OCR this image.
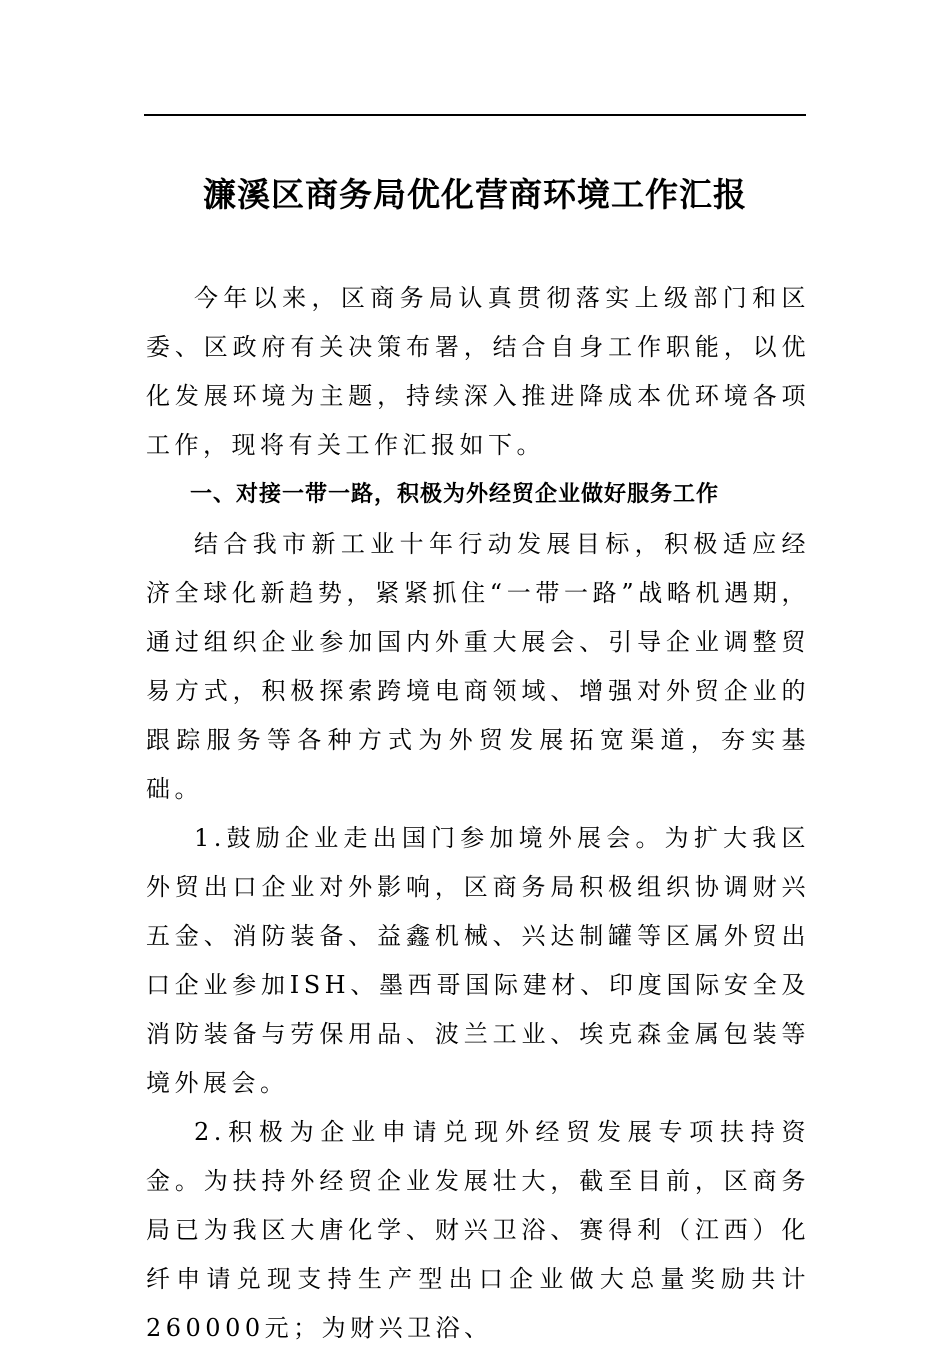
濂溪区商务局优化营商环境工作汇报

今年以来，区商务局认真贯彻落实上级部门和区委、区政府有关决策布署，结合自身工作职能，以优化发展环境为主题，持续深入推进降成本优环境各项工作，现将有关工作汇报如下。

一、对接一带一路，积极为外经贸企业做好服务工作

结合我市新工业十年行动发展目标，积极适应经济全球化新趋势，紧紧抓住“一带一路”战略机遇期，通过组织企业参加国内外重大展会、引导企业调整贸易方式，积极探索跨境电商领域、增强对外贸企业的跟踪服务等各种方式为外贸发展拓宽渠道，夯实基础。

1.鼓励企业走出国门参加境外展会。为扩大我区外贸出口企业对外影响，区商务局积极组织协调财兴五金、消防装备、益鑫机械、兴达制罐等区属外贸出口企业参加ISH、墨西哥国际建材、印度国际安全及消防装备与劳保用品、波兰工业、埃克森金属包装等境外展会。

2.积极为企业申请兑现外经贸发展专项扶持资金。为扶持外经贸企业发展壮大，截至目前，区商务局已为我区大唐化学、财兴卫浴、赛得利（江西）化纤申请兑现支持生产型出口企业做大总量奖励共计260000元；为财兴卫浴、
